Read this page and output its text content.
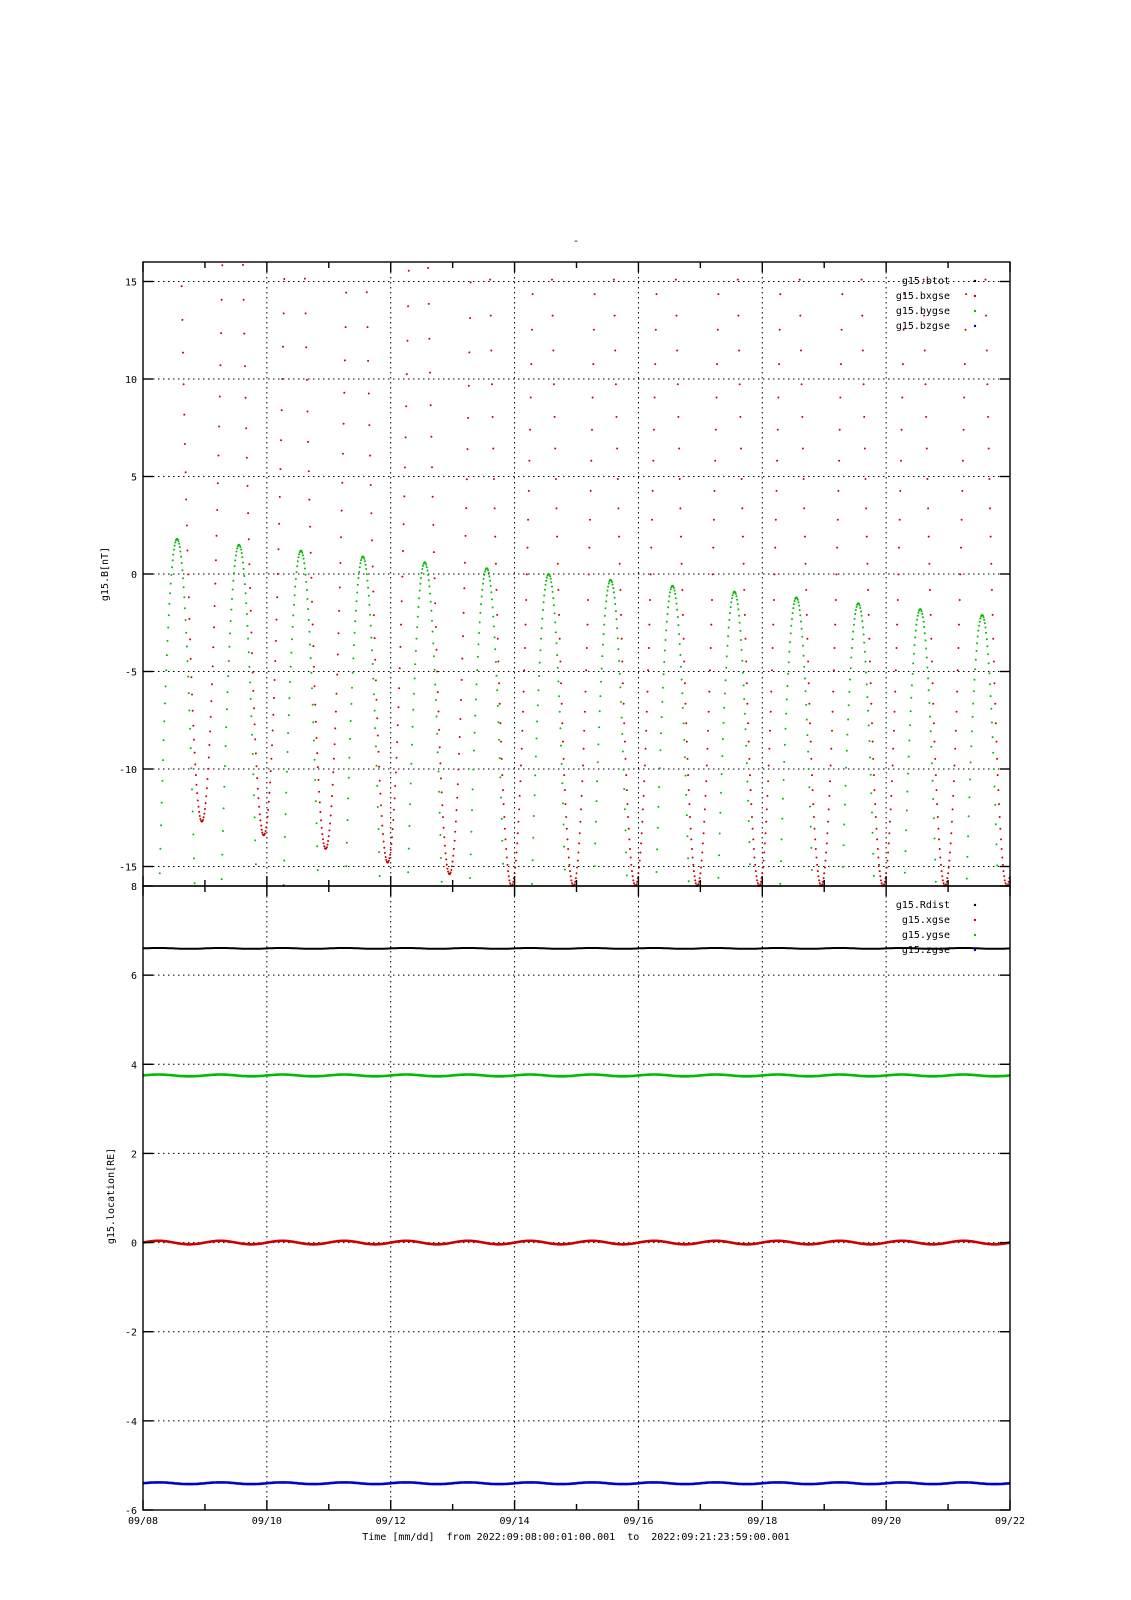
-
-15
-10
-5
0
5
10
15
g15.B[nT]
g15.btot
g15.bxgse
g15.bygse
g15.bzgse
-6
-4
-2
0
2
4
6
8
g15.location[RE]
g15.Rdist
g15.xgse
g15.ygse
g15.zgse
09/08	09/10	09/12	09/14	09/16	09/18	09/20	09/22
Time [mm/dd] from 2022:09:08:00:01:00.001 to 2022:09:21:23:59:00.001
